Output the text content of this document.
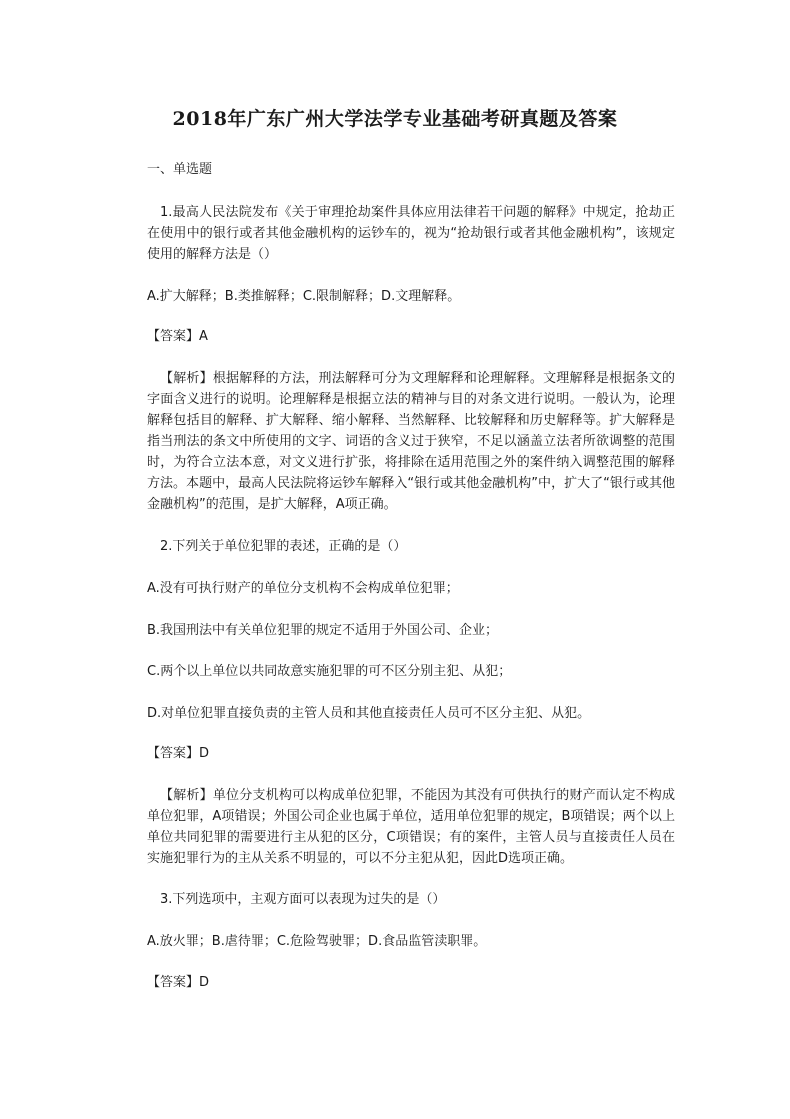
2018年广东广州大学法学专业基础考研真题及答案

一、单选题

1.最高人民法院发布《关于审理抢劫案件具体应用法律若干问题的解释》中规定，抢劫正在使用中的银行或者其他金融机构的运钞车的，视为“抢劫银行或者其他金融机构”，该规定使用的解释方法是（）

A.扩大解释；B.类推解释；C.限制解释；D.文理解释。

【答案】A

【解析】根据解释的方法，刑法解释可分为文理解释和论理解释。文理解释是根据条文的字面含义进行的说明。论理解释是根据立法的精神与目的对条文进行说明。一般认为，论理解释包括目的解释、扩大解释、缩小解释、当然解释、比较解释和历史解释等。扩大解释是指当刑法的条文中所使用的文字、词语的含义过于狭窄，不足以涵盖立法者所欲调整的范围时，为符合立法本意，对文义进行扩张，将排除在适用范围之外的案件纳入调整范围的解释方法。本题中，最高人民法院将运钞车解释入“银行或其他金融机构”中，扩大了“银行或其他金融机构”的范围，是扩大解释，A项正确。

2.下列关于单位犯罪的表述，正确的是（）

A.没有可执行财产的单位分支机构不会构成单位犯罪；

B.我国刑法中有关单位犯罪的规定不适用于外国公司、企业；

C.两个以上单位以共同故意实施犯罪的可不区分别主犯、从犯；

D.对单位犯罪直接负责的主管人员和其他直接责任人员可不区分主犯、从犯。

【答案】D

【解析】单位分支机构可以构成单位犯罪，不能因为其没有可供执行的财产而认定不构成单位犯罪，A项错误；外国公司企业也属于单位，适用单位犯罪的规定，B项错误；两个以上单位共同犯罪的需要进行主从犯的区分，C项错误；有的案件，主管人员与直接责任人员在实施犯罪行为的主从关系不明显的，可以不分主犯从犯，因此D选项正确。

3.下列选项中，主观方面可以表现为过失的是（）

A.放火罪；B.虐待罪；C.危险驾驶罪；D.食品监管渎职罪。

【答案】D
